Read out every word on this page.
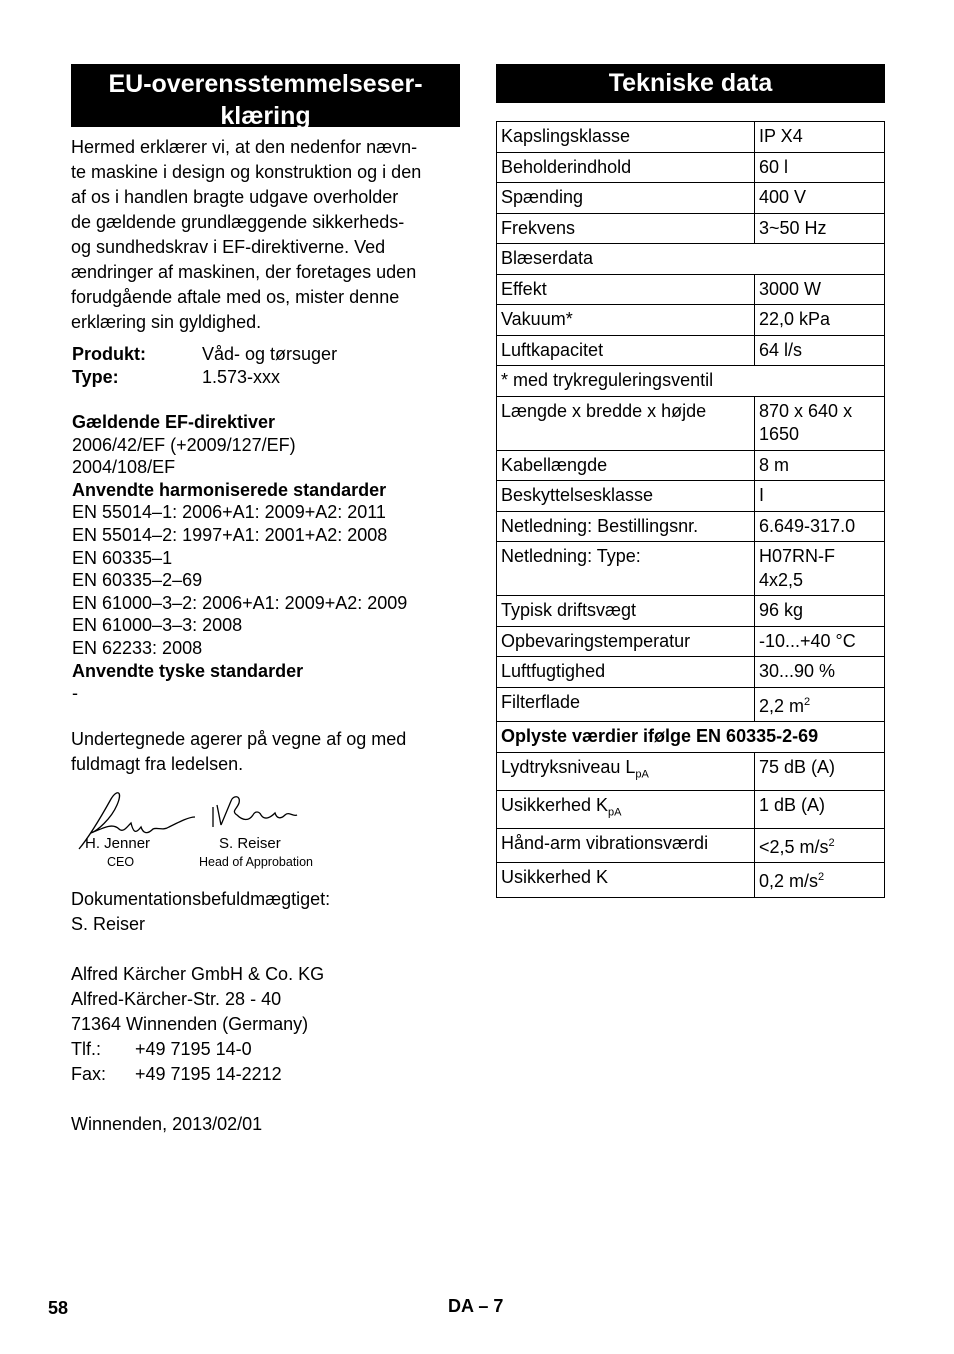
EU-overensstemmelseser-
klæring
Hermed erklærer vi, at den nedenfor nævn-
te maskine i design og konstruktion og i den
af os i handlen bragte udgave overholder
de gældende grundlæggende sikkerheds-
og sundhedskrav i EF-direktiverne. Ved
ændringer af maskinen, der foretages uden
forudgående aftale med os, mister denne
erklæring sin gyldighed.
Produkt:	Våd- og tørsuger
Type:	1.573-xxx
Gældende EF-direktiver
2006/42/EF (+2009/127/EF)
2004/108/EF
Anvendte harmoniserede standarder
EN 55014–1: 2006+A1: 2009+A2: 2011
EN 55014–2: 1997+A1: 2001+A2: 2008
EN 60335–1
EN 60335–2–69
EN 61000–3–2: 2006+A1: 2009+A2: 2009
EN 61000–3–3: 2008
EN 62233: 2008
Anvendte tyske standarder
-
Undertegnede agerer på vegne af og med
fuldmagt fra ledelsen.
H. Jenner
CEO
S. Reiser
Head of Approbation
Dokumentationsbefuldmægtiget:
S. Reiser
Alfred Kärcher GmbH & Co. KG
Alfred-Kärcher-Str. 28 - 40
71364 Winnenden (Germany)
Tlf.:	+49 7195 14-0
Fax:	+49 7195 14-2212
Winnenden, 2013/02/01
Tekniske data
Kapslingsklasse	IP X4
Beholderindhold	60 l
Spænding	400 V
Frekvens	3~50 Hz
Blæserdata	
Effekt	3000 W
Vakuum*	22,0 kPa
Luftkapacitet	64 l/s
* med trykreguleringsventil	
Længde x bredde x højde	870 x 640 x 1650
Kabellængde	8 m
Beskyttelsesklasse	I
Netledning: Bestillingsnr.	6.649-317.0
Netledning: Type:	H07RN-F 4x2,5
Typisk driftsvægt	96 kg
Opbevaringstemperatur	-10...+40 °C
Luftfugtighed	30...90 %
Filterflade	2,2 $m^2$
Oplyste værdier ifølge EN 60335-2-69	
Lydtryksniveau $L_{pA}$	75 dB (A)
Usikkerhed $K_{pA}$	1 dB (A)
Hånd-arm vibrationsværdi	<2,5 $m/s^2$
Usikkerhed K	0,2 $m/s^2$
58	DA – 7
